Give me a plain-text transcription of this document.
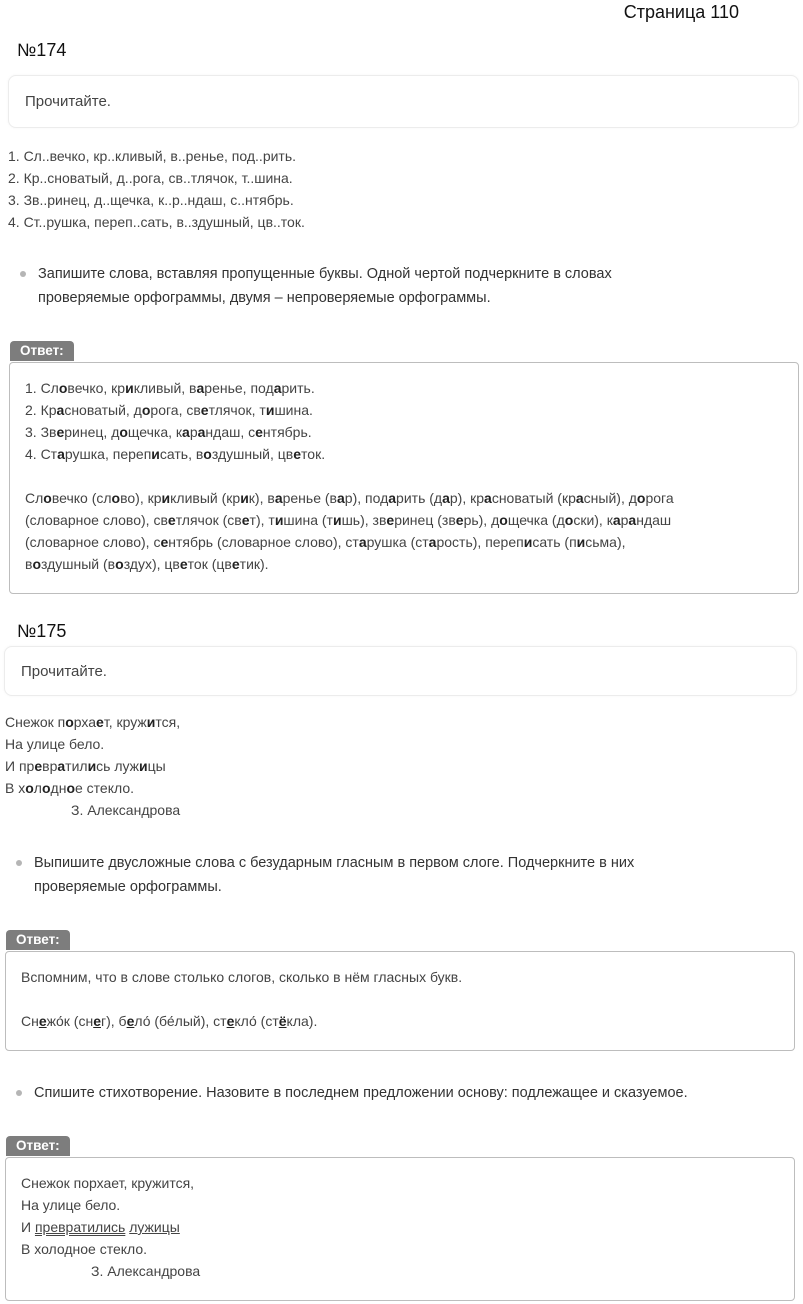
Страница 110
№174
Прочитайте.
1. Сл..вечко, кр..кливый, в..ренье, под..рить.
2. Кр..сноватый, д..рога, св..тлячок, т..шина.
3. Зв..ринец, д..щечка, к..р..ндаш, с..нтябрь.
4. Ст..рушка, переп..сать, в..здушный, цв..ток.
Запишите слова, вставляя пропущенные буквы. Одной чертой подчеркните в словах
проверяемые орфограммы, двумя – непроверяемые орфограммы.
Ответ:
1. Словечко, крикливый, варенье, подарить.
2. Красноватый, дорога, светлячок, тишина.
3. Зверинец, дощечка, карандаш, сентябрь.
4. Старушка, переписать, воздушный, цветок.
Словечко (слово), крикливый (крик), варенье (вар), подарить (дар), красноватый (красный), дорога
(словарное слово), светлячок (свет), тишина (тишь), зверинец (зверь), дощечка (доски), карандаш
(словарное слово), сентябрь (словарное слово), старушка (старость), переписать (письма),
воздушный (воздух), цветок (цветик).
№175
Прочитайте.
Снежок порхает, кружится,
На улице бело.
И превратились лужицы
В холодное стекло.
З. Александрова
Выпишите двусложные слова с безударным гласным в первом слоге. Подчеркните в них
проверяемые орфограммы.
Ответ:
Вспомним, что в слове столько слогов, сколько в нём гласных букв.
Снежо́к (снег), бело́ (бе́лый), стекло́ (стёкла).
Спишите стихотворение. Назовите в последнем предложении основу: подлежащее и сказуемое.
Ответ:
Снежок порхает, кружится,
На улице бело.
И превратились лужицы
В холодное стекло.
З. Александрова
